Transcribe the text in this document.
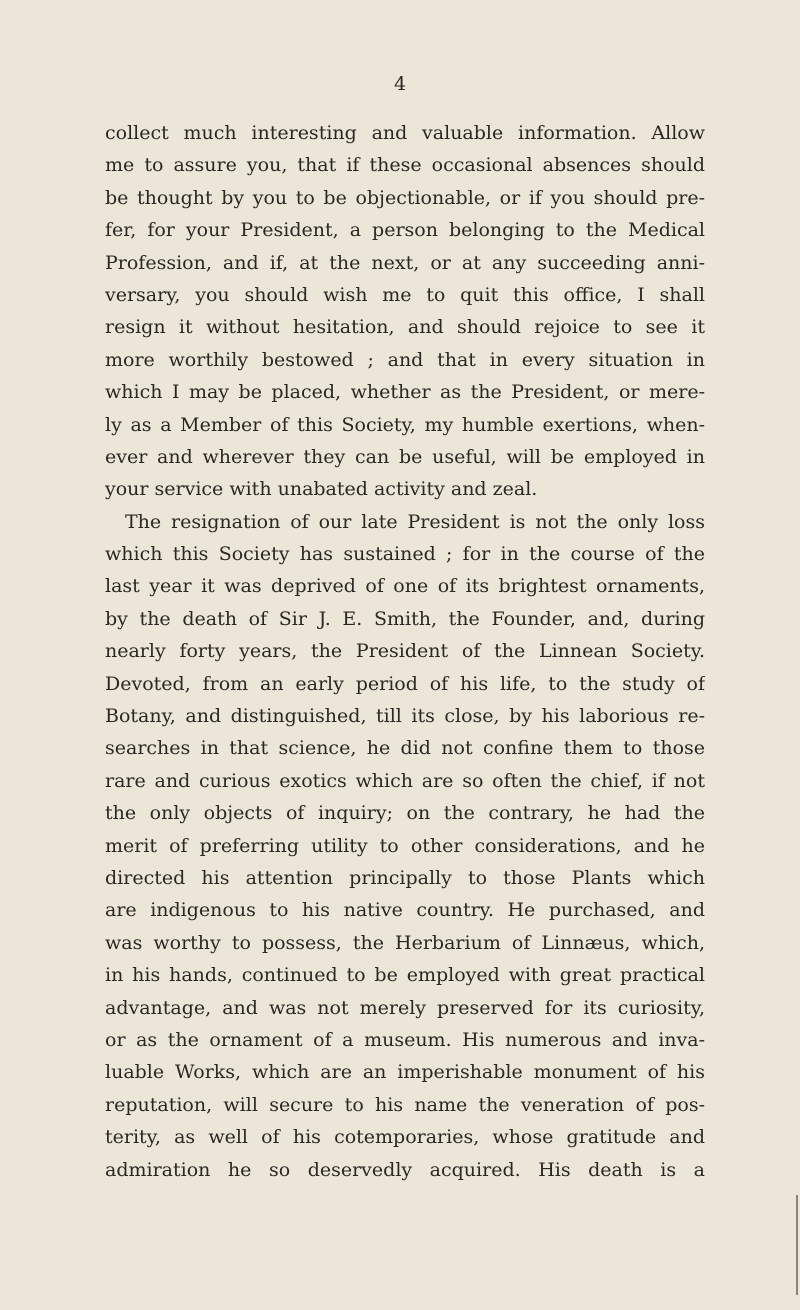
4
collect much interesting and valuable information. Allow
me to assure you, that if these occasional absences should
be thought by you to be objectionable, or if you should pre-
fer, for your President, a person belonging to the Medical
Profession, and if, at the next, or at any succeeding anni-
versary, you should wish me to quit this office, I shall
resign it without hesitation, and should rejoice to see it
more worthily bestowed ; and that in every situation in
which I may be placed, whether as the President, or mere-
ly as a Member of this Society, my humble exertions, when-
ever and wherever they can be useful, will be employed in
your service with unabated activity and zeal.
The resignation of our late President is not the only loss
which this Society has sustained ; for in the course of the
last year it was deprived of one of its brightest ornaments,
by the death of Sir J. E. Smith, the Founder, and, during
nearly forty years, the President of the Linnean Society.
Devoted, from an early period of his life, to the study of
Botany, and distinguished, till its close, by his laborious re-
searches in that science, he did not confine them to those
rare and curious exotics which are so often the chief, if not
the only objects of inquiry; on the contrary, he had the
merit of preferring utility to other considerations, and he
directed his attention principally to those Plants which
are indigenous to his native country. He purchased, and
was worthy to possess, the Herbarium of Linnæus, which,
in his hands, continued to be employed with great practical
advantage, and was not merely preserved for its curiosity,
or as the ornament of a museum. His numerous and inva-
luable Works, which are an imperishable monument of his
reputation, will secure to his name the veneration of pos-
terity, as well of his cotemporaries, whose gratitude and
admiration he so deservedly acquired. His death is a
